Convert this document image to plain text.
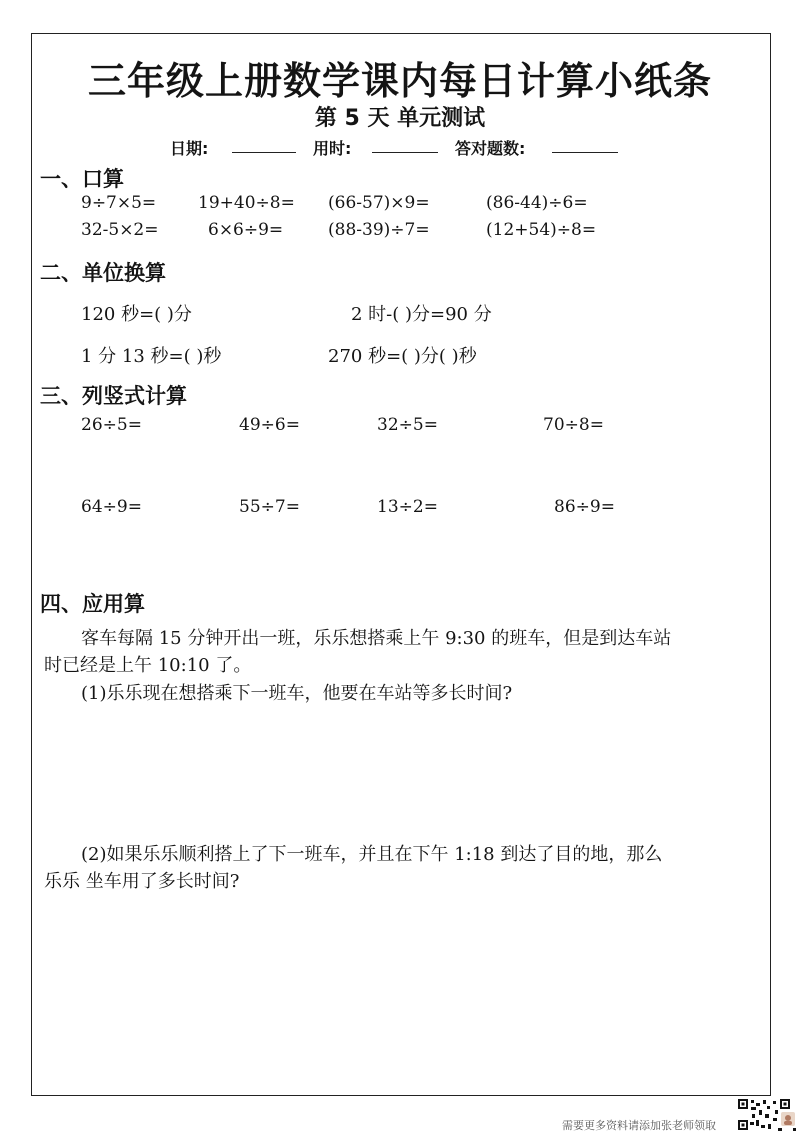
三年级上册数学课内每日计算小纸条
第 5 天 单元测试
日期:	用时:	答对题数:
一、口算
9÷7×5= 19+40÷8= (66-57)×9=	(86-44)÷6=
32-5×2=	6×6÷9=	(88-39)÷7=	(12+54)÷8=
二、单位换算
120 秒=( )分	2 时-( )分=90 分
1 分 13 秒=( )秒	270 秒=( )分( )秒
三、列竖式计算
26÷5=	49÷6=	32÷5=	70÷8=
64÷9=	55÷7=	13÷2=	86÷9=
四、应用算
客车每隔 15 分钟开出一班，乐乐想搭乘上午 9:30 的班车，但是到达车站
时已经是上午 10:10 了。
(1)乐乐现在想搭乘下一班车，他要在车站等多长时间?
(2)如果乐乐顺利搭上了下一班车，并且在下午 1:18 到达了目的地，那么
乐乐 坐车用了多长时间?
需要更多资料请添加张老师领取
